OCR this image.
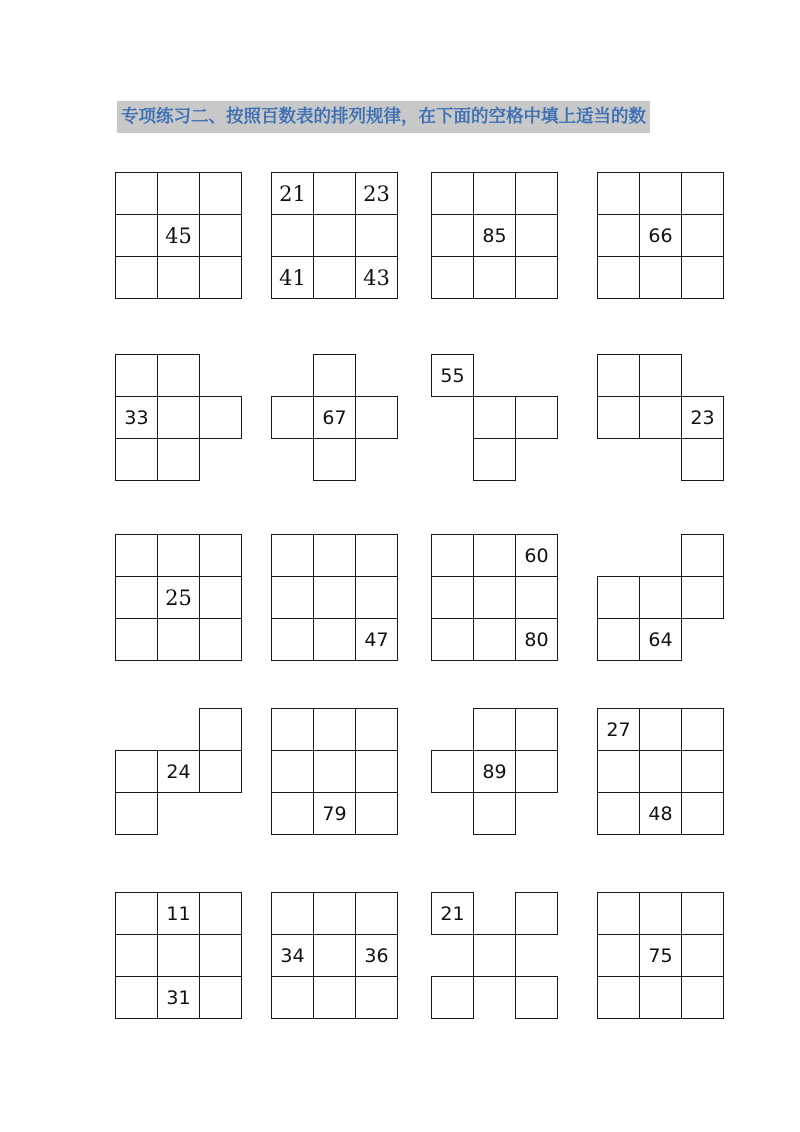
专项练习二、按照百数表的排列规律，在下面的空格中填上适当的数
45
21	23
41	43
85	66
33	67
55
23
25
47
60
80	64
24
79
89
27
48
11
31
34	36
21
75
